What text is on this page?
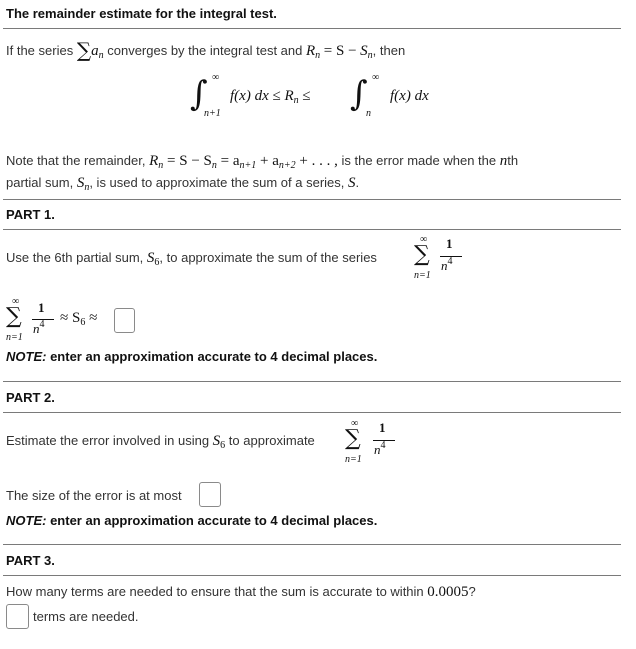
The remainder estimate for the integral test.
If the series $\sum a_n$ converges by the integral test and $R_n = S - S_n$, then
∫ ∞
n+1
f(x) dx ≤ $R_n$ ≤ ∫ ∞
n
f(x) dx
Note that the remainder, $R_n = S - S_n = a_{n+1} + a_{n+2}$ + . . . , is the error made when the nth
partial sum, $S_n$, is used to approximate the sum of a series, S.
PART 1.
Use the 6th partial sum, $S_6$, to approximate the sum of the series
∞
∑
n=1
1
$n^4$
∞
∑
n=1
1
$n^4 \approx S_6$ ≈
NOTE: enter an approximation accurate to 4 decimal places.
PART 2.
Estimate the error involved in using $S_6$ to approximate
∞
∑
n=1
1
$n^4$
The size of the error is at most
NOTE: enter an approximation accurate to 4 decimal places.
PART 3.
How many terms are needed to ensure that the sum is accurate to within 0.0005?
terms are needed.
